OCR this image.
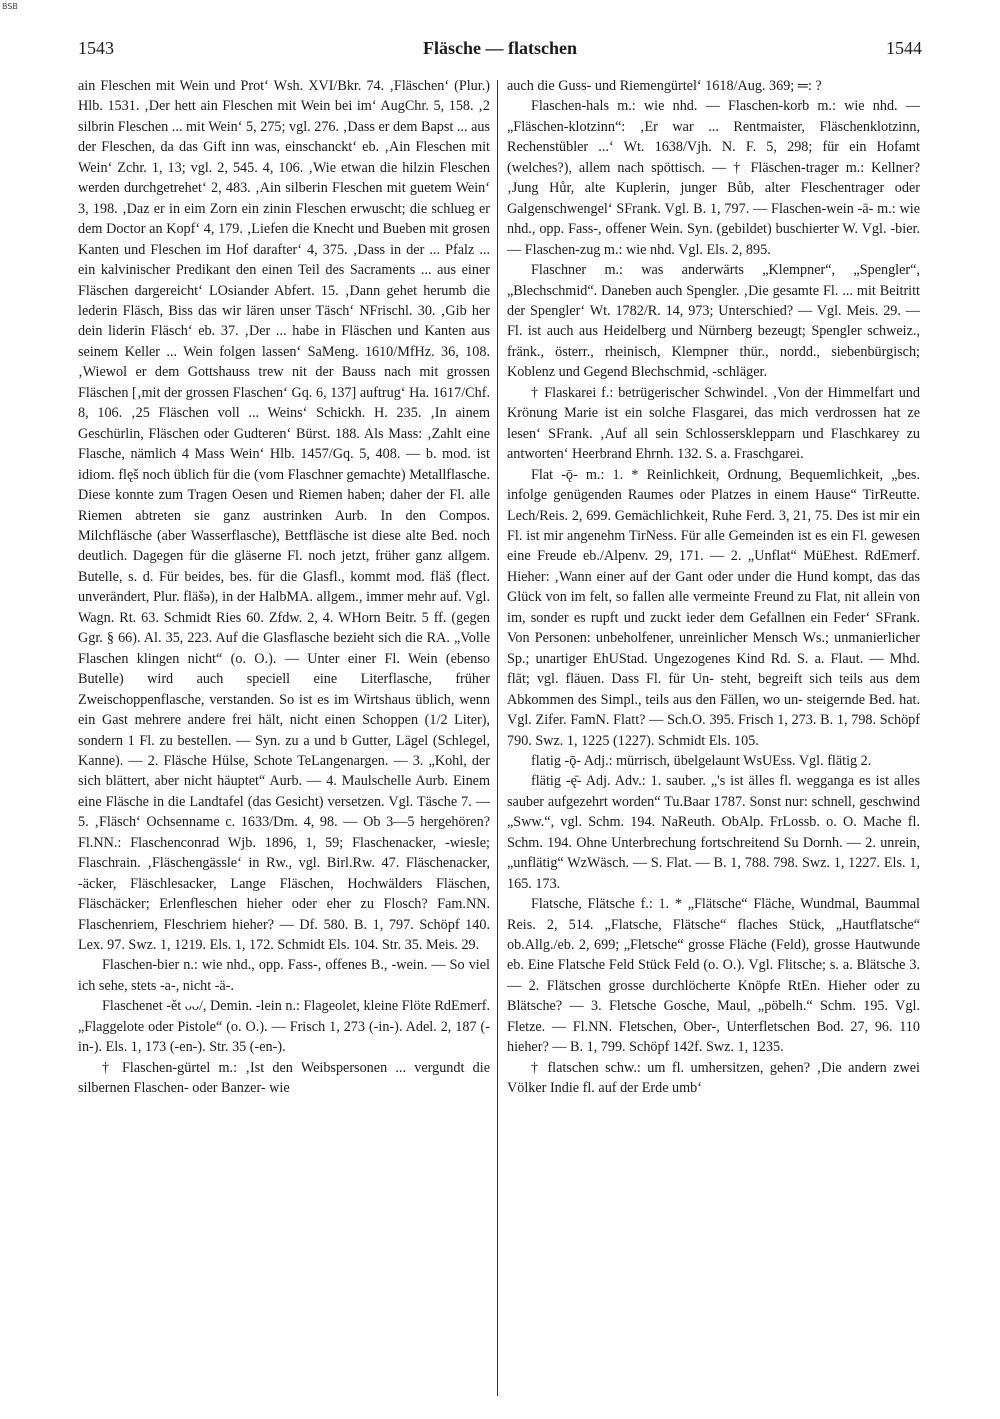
BSB
1543	Fläsche — flatschen	1544

ain Fleschen mit Wein und Prot‘ Wsh. XVI/Bkr. 74. ‚Fläschen‘ (Plur.) Hlb. 1531. ‚Der hett ain Fleschen mit Wein bei im‘ AugChr. 5, 158. ‚2 silbrin Fleschen ... mit Wein‘ 5, 275; vgl. 276. ‚Dass er dem Bapst ... aus der Fleschen, da das Gift inn was, einschanckt‘ eb. ‚Ain Fleschen mit Wein‘ Zchr. 1, 13; vgl. 2, 545. 4, 106. ‚Wie etwan die hilzin Fleschen werden durchgetrehet‘ 2, 483. ‚Ain silberin Fleschen mit guetem Wein‘ 3, 198. ‚Daz er in eim Zorn ein zinin Fleschen erwuscht; die schlueg er dem Doctor an Kopf‘ 4, 179. ‚Liefen die Knecht und Bueben mit grosen Kanten und Fleschen im Hof darafter‘ 4, 375. ‚Dass in der ... Pfalz ... ein kalvinischer Predikant den einen Teil des Sacraments ... aus einer Fläschen dargereicht‘ LOsiander Abfert. 15. ‚Dann gehet herumb die lederin Fläsch, Biss das wir lären unser Täsch‘ NFrischl. 30. ‚Gib her dein liderin Fläsch‘ eb. 37. ‚Der ... habe in Fläschen und Kanten aus seinem Keller ... Wein folgen lassen‘ SaMeng. 1610/MfHz. 36, 108. ‚Wiewol er dem Gottshauss trew nit der Bauss nach mit grossen Fläschen [‚mit der grossen Flaschen‘ Gq. 6, 137] auftrug‘ Ha. 1617/Chf. 8, 106. ‚25 Fläschen voll ... Weins‘ Schickh. H. 235. ‚In ainem Geschürlin, Fläschen oder Gudteren‘ Bürst. 188. Als Mass: ‚Zahlt eine Flasche, nämlich 4 Mass Wein‘ Hlb. 1457/Gq. 5, 408. — b. mod. ist idiom. flęš noch üblich für die (vom Flaschner gemachte) Metallflasche. Diese konnte zum Tragen Oesen und Riemen haben; daher der Fl. alle Riemen abtreten sie ganz austrinken Aurb. In den Compos. Milchfläsche (aber Wasserflasche), Bettfläsche ist diese alte Bed. noch deutlich. Dagegen für die gläserne Fl. noch jetzt, früher ganz allgem. Butelle, s. d. Für beides, bes. für die Glasfl., kommt mod. fläš (flect. unverändert, Plur. fläšə), in der HalbMA. allgem., immer mehr auf. Vgl. Wagn. Rt. 63. Schmidt Ries 60. Zfdw. 2, 4. WHorn Beitr. 5 ff. (gegen Ggr. § 66). Al. 35, 223. Auf die Glasflasche bezieht sich die RA. „Volle Flaschen klingen nicht“ (o. O.). — Unter einer Fl. Wein (ebenso Butelle) wird auch speciell eine Literflasche, früher Zweischoppenflasche, verstanden. So ist es im Wirtshaus üblich, wenn ein Gast mehrere andere frei hält, nicht einen Schoppen (1/2 Liter), sondern 1 Fl. zu bestellen. — Syn. zu a und b Gutter, Lägel (Schlegel, Kanne). — 2. Fläsche Hülse, Schote TeLangenargen. — 3. „Kohl, der sich blättert, aber nicht häuptet“ Aurb. — 4. Maulschelle Aurb. Einem eine Fläsche in die Landtafel (das Gesicht) versetzen. Vgl. Täsche 7. — 5. ‚Fläsch‘ Ochsenname c. 1633/Dm. 4, 98. — Ob 3—5 hergehören? Fl.NN.: Flaschenconrad Wjb. 1896, 1, 59; Flaschenacker, -wiesle; Flaschrain. ‚Fläschengässle‘ in Rw., vgl. Birl.Rw. 47. Fläschenacker, -äcker, Fläschlesacker, Lange Fläschen, Hochwälders Fläschen, Fläschäcker; Erlenfleschen hieher oder eher zu Flosch? Fam.NN. Flaschenriem, Fleschriem hieher? — Df. 580. B. 1, 797. Schöpf 140. Lex. 97. Swz. 1, 1219. Els. 1, 172. Schmidt Els. 104. Str. 35. Meis. 29.

Flaschen-bier n.: wie nhd., opp. Fass-, offenes B., -wein. — So viel ich sehe, stets -a-, nicht -ä-.

Flaschenet -ět ᴗᴗ/, Demin. -lein n.: Flageolet, kleine Flöte RdEmerf. „Flaggelote oder Pistole“ (o. O.). — Frisch 1, 273 (-in-). Adel. 2, 187 (-in-). Els. 1, 173 (-en-). Str. 35 (-en-).

† Flaschen-gürtel m.: ‚Ist den Weibspersonen ... vergundt die silbernen Flaschen- oder Banzer- wie

auch die Guss- und Riemengürtel‘ 1618/Aug. 369; ═: ?

Flaschen-hals m.: wie nhd. — Flaschen-korb m.: wie nhd. — „Fläschen-klotzinn“: ‚Er war ... Rentmaister, Fläschenklotzinn, Rechenstübler ...‘ Wt. 1638/Vjh. N. F. 5, 298; für ein Hofamt (welches?), allem nach spöttisch. — † Fläschen-trager m.: Kellner? ‚Jung Hůr, alte Kuplerin, junger Bůb, alter Fleschentrager oder Galgenschwengel‘ SFrank. Vgl. B. 1, 797. — Flaschen-wein -ā- m.: wie nhd., opp. Fass-, offener Wein. Syn. (gebildet) buschierter W. Vgl. -bier. — Flaschen-zug m.: wie nhd. Vgl. Els. 2, 895.

Flaschner m.: was anderwärts „Klempner“, „Spengler“, „Blechschmid“. Daneben auch Spengler. ‚Die gesamte Fl. ... mit Beitritt der Spengler‘ Wt. 1782/R. 14, 973; Unterschied? — Vgl. Meis. 29. — Fl. ist auch aus Heidelberg und Nürnberg bezeugt; Spengler schweiz., fränk., österr., rheinisch, Klempner thür., nordd., siebenbürgisch; Koblenz und Gegend Blechschmid, -schläger.

† Flaskarei f.: betrügerischer Schwindel. ‚Von der Himmelfart und Krönung Marie ist ein solche Flasgarei, das mich verdrossen hat ze lesen‘ SFrank. ‚Auf all sein Schlossersklepparn und Flaschkarey zu antworten‘ Heerbrand Ehrnh. 132. S. a. Fraschgarei.

Flat -ǭ- m.: 1. * Reinlichkeit, Ordnung, Bequemlichkeit, „bes. infolge genügenden Raumes oder Platzes in einem Hause“ TirReutte. Lech/Reis. 2, 699. Gemächlichkeit, Ruhe Ferd. 3, 21, 75. Des ist mir ein Fl. ist mir angenehm TirNess. Für alle Gemeinden ist es ein Fl. gewesen eine Freude eb./Alpenv. 29, 171. — 2. „Unflat“ MüEhest. RdEmerf. Hieher: ‚Wann einer auf der Gant oder under die Hund kompt, das das Glück von im felt, so fallen alle vermeinte Freund zu Flat, nit allein von im, sonder es rupft und zuckt ieder dem Gefallnen ein Feder‘ SFrank. Von Personen: unbeholfener, unreinlicher Mensch Ws.; unmanierlicher Sp.; unartiger EhUStad. Ungezogenes Kind Rd. S. a. Flaut. — Mhd. flāt; vgl. fläuen. Dass Fl. für Un- steht, begreift sich teils aus dem Abkommen des Simpl., teils aus den Fällen, wo un- steigernde Bed. hat. Vgl. Zifer. FamN. Flatt? — Sch.O. 395. Frisch 1, 273. B. 1, 798. Schöpf 790. Swz. 1, 1225 (1227). Schmidt Els. 105.

flatig -ǭ- Adj.: mürrisch, übelgelaunt WsUEss. Vgl. flätig 2.

flätig -ę̄- Adj. Adv.: 1. sauber. „'s ist älles fl. wegganga es ist alles sauber aufgezehrt worden“ Tu.Baar 1787. Sonst nur: schnell, geschwind „Sww.“, vgl. Schm. 194. NaReuth. ObAlp. FrLossb. o. O. Mache fl. Schm. 194. Ohne Unterbrechung fortschreitend Su Dornh. — 2. unrein, „unflätig“ WzWäsch. — S. Flat. — B. 1, 788. 798. Swz. 1, 1227. Els. 1, 165. 173.

Flatsche, Flätsche f.: 1. * „Flätsche“ Fläche, Wundmal, Baummal Reis. 2, 514. „Flatsche, Flätsche“ flaches Stück, „Hautflatsche“ ob.Allg./eb. 2, 699; „Fletsche“ grosse Fläche (Feld), grosse Hautwunde eb. Eine Flatsche Feld Stück Feld (o. O.). Vgl. Flitsche; s. a. Blätsche 3. — 2. Flätschen grosse durchlöcherte Knöpfe RtEn. Hieher oder zu Blätsche? — 3. Fletsche Gosche, Maul, „pöbelh.“ Schm. 195. Vgl. Fletze. — Fl.NN. Fletschen, Ober-, Unterfletschen Bod. 27, 96. 110 hieher? — B. 1, 799. Schöpf 142f. Swz. 1, 1235.

† flatschen schw.: um fl. umhersitzen, gehen? ‚Die andern zwei Völker Indie fl. auf der Erde umb‘
